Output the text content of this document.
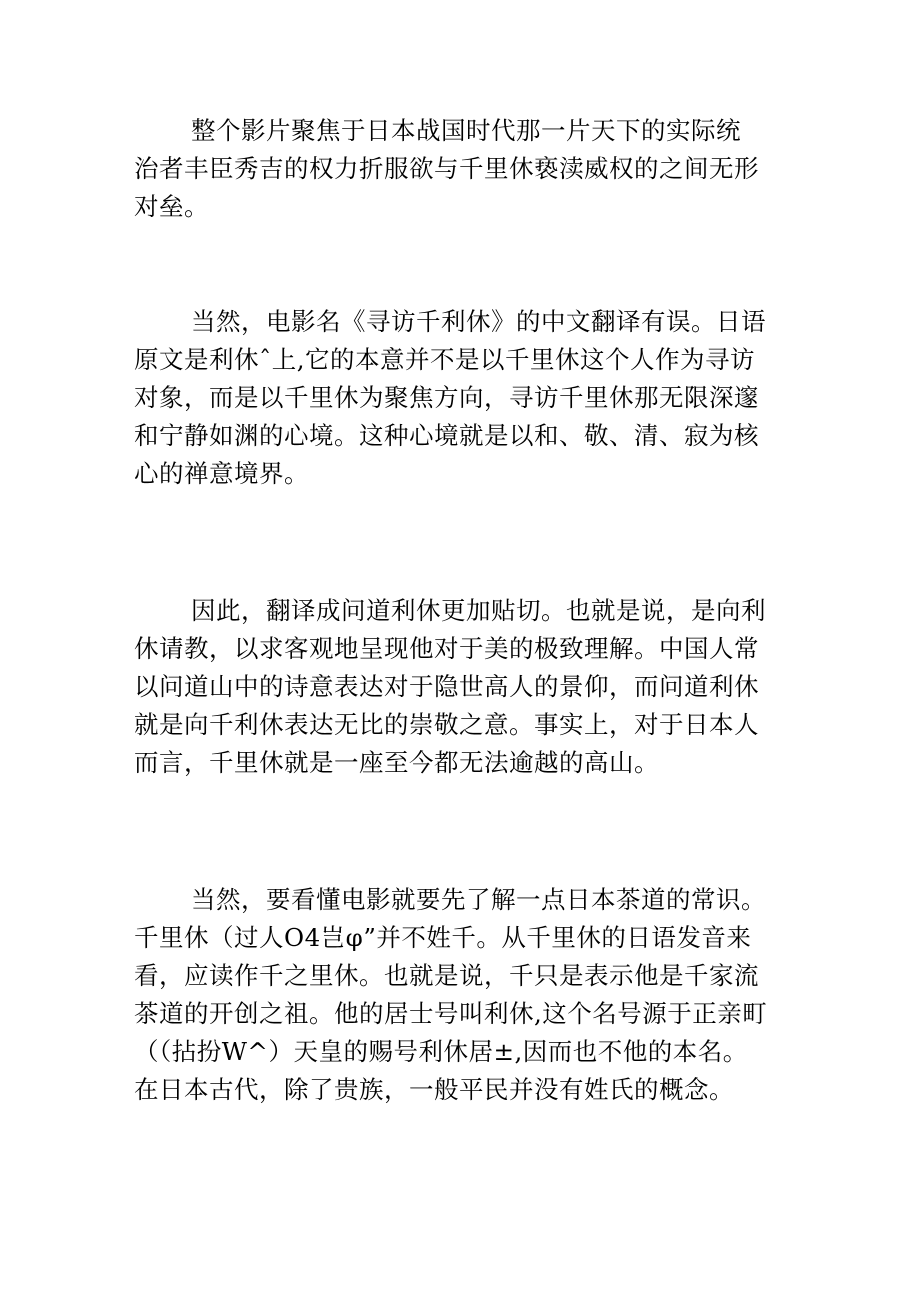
整个影片聚焦于日本战国时代那一片天下的实际统
治者丰臣秀吉的权力折服欲与千里休亵渎威权的之间无形
对垒。
当然，电影名《寻访千利休》的中文翻译有误。日语
原文是利休ˆ上,它的本意并不是以千里休这个人作为寻访
对象，而是以千里休为聚焦方向，寻访千里休那无限深邃
和宁静如渊的心境。这种心境就是以和、敬、清、寂为核
心的禅意境界。
因此，翻译成问道利休更加贴切。也就是说，是向利
休请教，以求客观地呈现他对于美的极致理解。中国人常
以问道山中的诗意表达对于隐世高人的景仰，而问道利休
就是向千利休表达无比的崇敬之意。事实上，对于日本人
而言，千里休就是一座至今都无法逾越的高山。
当然，要看懂电影就要先了解一点日本茶道的常识。
千里休（过人O4岂φ”并不姓千。从千里休的日语发音来
看，应读作千之里休。也就是说，千只是表示他是千家流
茶道的开创之祖。他的居士号叫利休,这个名号源于正亲町
（（拈扮W^）天皇的赐号利休居±,因而也不他的本名。
在日本古代，除了贵族，一般平民并没有姓氏的概念。
